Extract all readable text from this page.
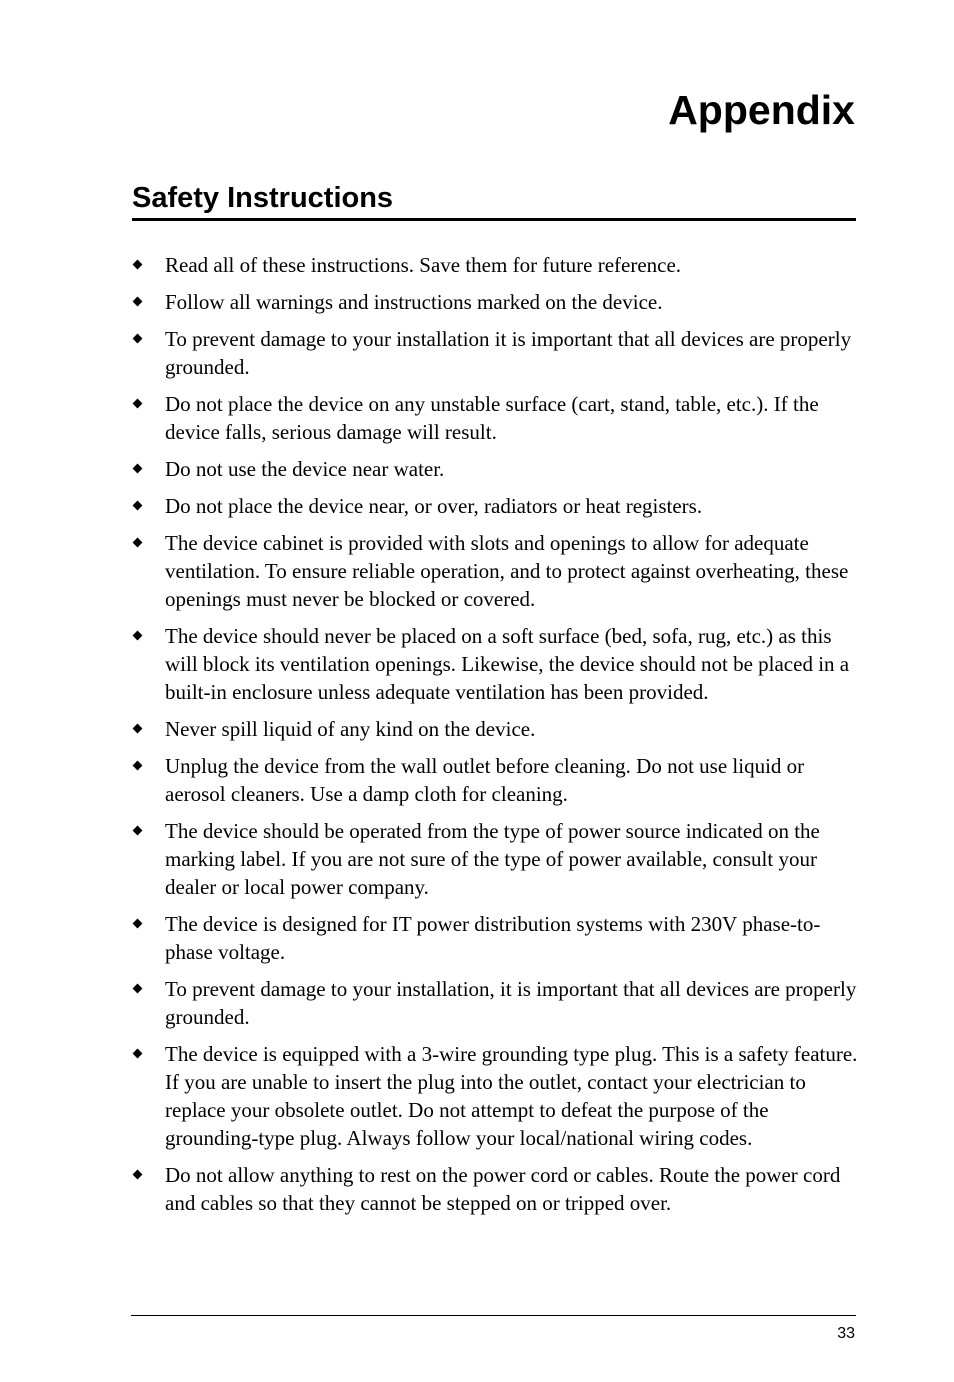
Appendix
Safety Instructions
Read all of these instructions. Save them for future reference.
Follow all warnings and instructions marked on the device.
To prevent damage to your installation it is important that all devices are properly grounded.
Do not place the device on any unstable surface (cart, stand, table, etc.). If the device falls, serious damage will result.
Do not use the device near water.
Do not place the device near, or over, radiators or heat registers.
The device cabinet is provided with slots and openings to allow for adequate ventilation. To ensure reliable operation, and to protect against overheating, these openings must never be blocked or covered.
The device should never be placed on a soft surface (bed, sofa, rug, etc.) as this will block its ventilation openings. Likewise, the device should not be placed in a built-in enclosure unless adequate ventilation has been provided.
Never spill liquid of any kind on the device.
Unplug the device from the wall outlet before cleaning. Do not use liquid or aerosol cleaners. Use a damp cloth for cleaning.
The device should be operated from the type of power source indicated on the marking label. If you are not sure of the type of power available, consult your dealer or local power company.
The device is designed for IT power distribution systems with 230V phase-to-phase voltage.
To prevent damage to your installation, it is important that all devices are properly grounded.
The device is equipped with a 3-wire grounding type plug. This is a safety feature. If you are unable to insert the plug into the outlet, contact your electrician to replace your obsolete outlet. Do not attempt to defeat the purpose of the grounding-type plug. Always follow your local/national wiring codes.
Do not allow anything to rest on the power cord or cables. Route the power cord and cables so that they cannot be stepped on or tripped over.
33
